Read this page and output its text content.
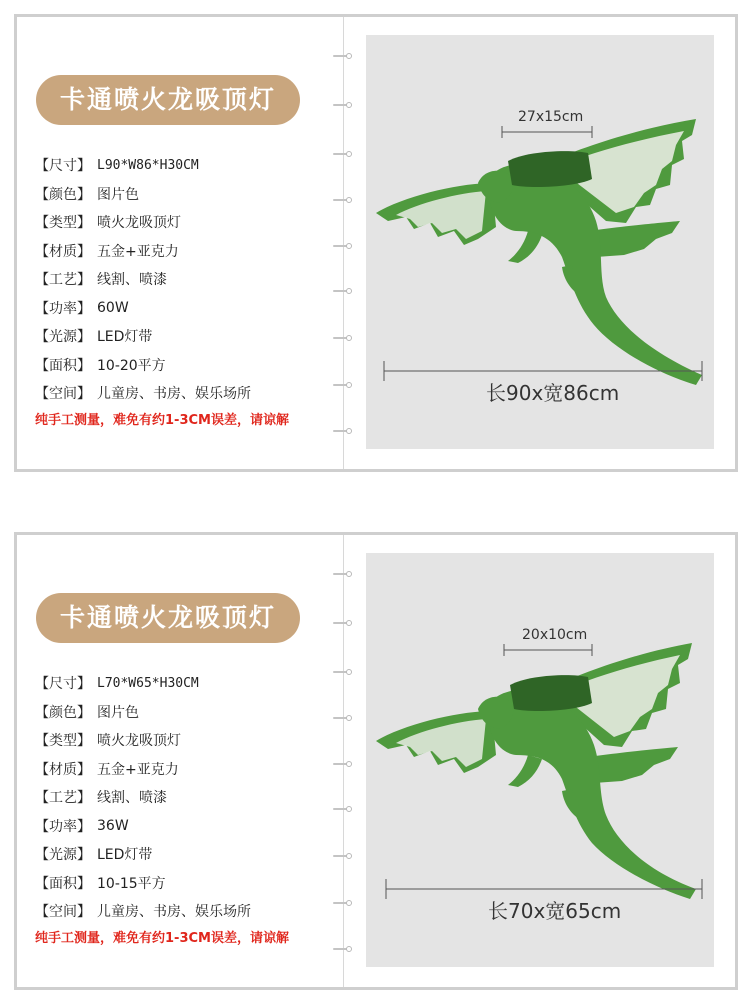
卡通喷火龙吸顶灯
【尺寸】 L90*W86*H30CM
【颜色】 图片色
【类型】 喷火龙吸顶灯
【材质】 五金+亚克力
【工艺】 线割、喷漆
【功率】 60W
【光源】 LED灯带
【面积】 10-20平方
【空间】 儿童房、书房、娱乐场所
纯手工测量，难免有约1-3CM误差，请谅解
27x15cm
长90x宽86cm
卡通喷火龙吸顶灯
【尺寸】 L70*W65*H30CM
【颜色】 图片色
【类型】 喷火龙吸顶灯
【材质】 五金+亚克力
【工艺】 线割、喷漆
【功率】 36W
【光源】 LED灯带
【面积】 10-15平方
【空间】 儿童房、书房、娱乐场所
纯手工测量，难免有约1-3CM误差，请谅解
20x10cm
长70x宽65cm
